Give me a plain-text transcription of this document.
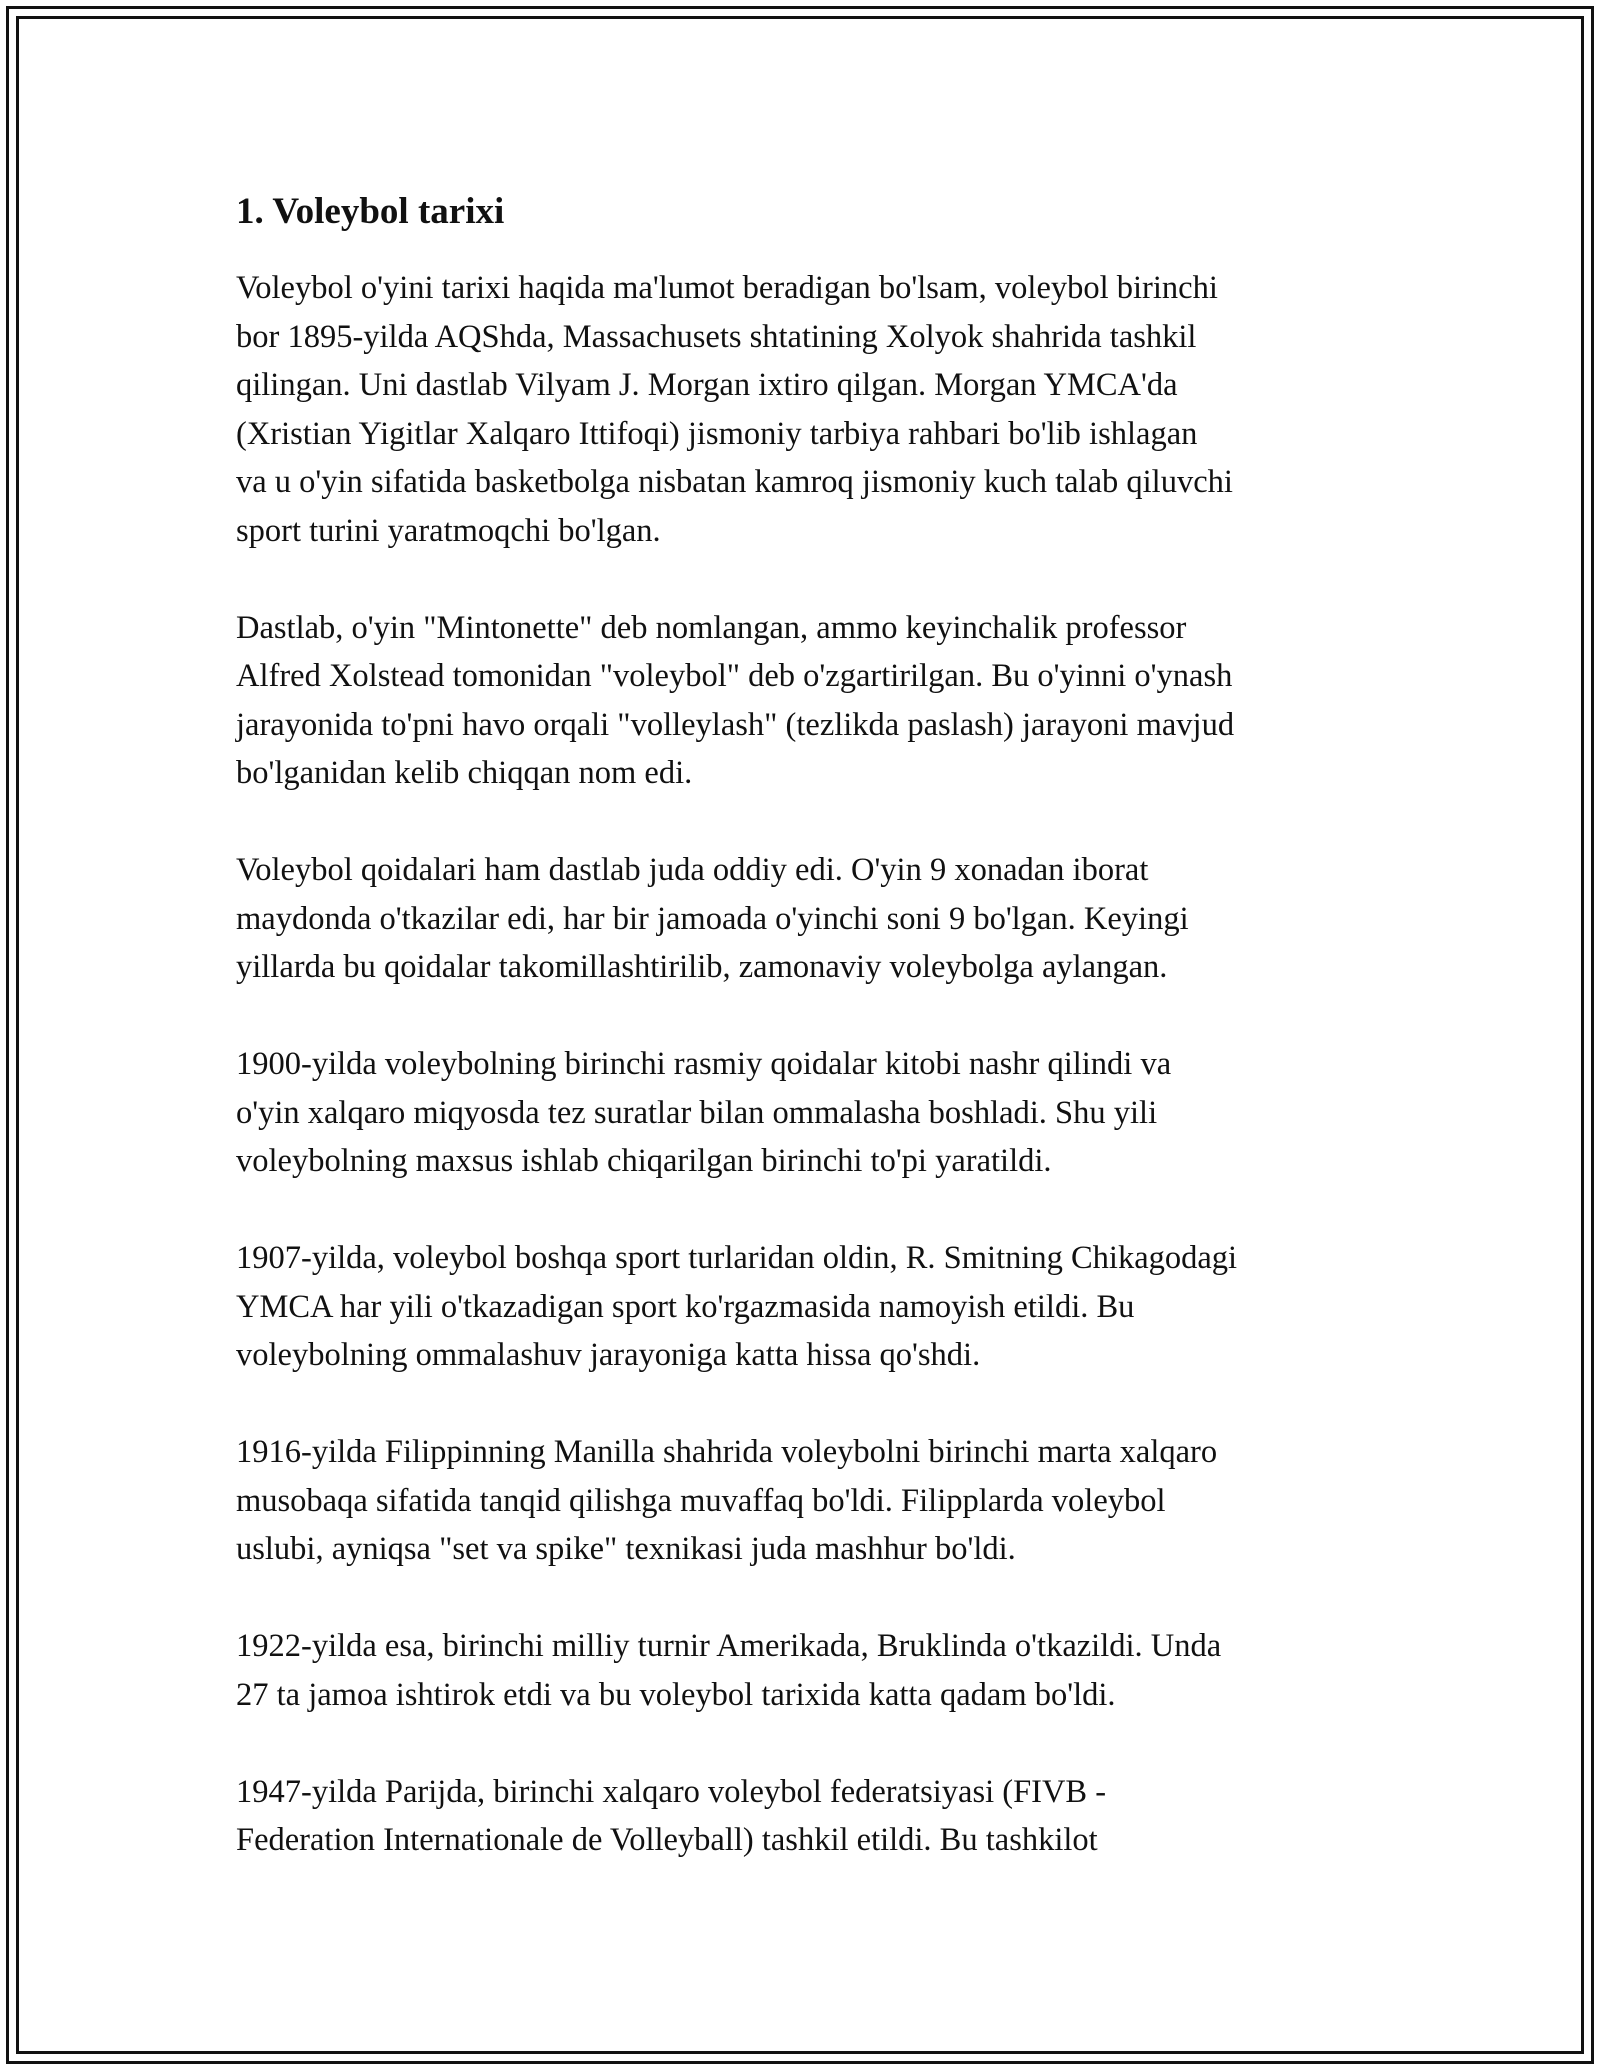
1. Voleybol tarixi

Voleybol o'yini tarixi haqida ma'lumot beradigan bo'lsam, voleybol birinchi
bor 1895-yilda AQShda, Massachusets shtatining Xolyok shahrida tashkil
qilingan. Uni dastlab Vilyam J. Morgan ixtiro qilgan. Morgan YMCA'da
(Xristian Yigitlar Xalqaro Ittifoqi) jismoniy tarbiya rahbari bo'lib ishlagan
va u o'yin sifatida basketbolga nisbatan kamroq jismoniy kuch talab qiluvchi
sport turini yaratmoqchi bo'lgan.

Dastlab, o'yin "Mintonette" deb nomlangan, ammo keyinchalik professor
Alfred Xolstead tomonidan "voleybol" deb o'zgartirilgan. Bu o'yinni o'ynash
jarayonida to'pni havo orqali "volleylash" (tezlikda paslash) jarayoni mavjud
bo'lganidan kelib chiqqan nom edi.

Voleybol qoidalari ham dastlab juda oddiy edi. O'yin 9 xonadan iborat
maydonda o'tkazilar edi, har bir jamoada o'yinchi soni 9 bo'lgan. Keyingi
yillarda bu qoidalar takomillashtirilib, zamonaviy voleybolga aylangan.

1900-yilda voleybolning birinchi rasmiy qoidalar kitobi nashr qilindi va
o'yin xalqaro miqyosda tez suratlar bilan ommalasha boshladi. Shu yili
voleybolning maxsus ishlab chiqarilgan birinchi to'pi yaratildi.

1907-yilda, voleybol boshqa sport turlaridan oldin, R. Smitning Chikagodagi
YMCA har yili o'tkazadigan sport ko'rgazmasida namoyish etildi. Bu
voleybolning ommalashuv jarayoniga katta hissa qo'shdi.

1916-yilda Filippinning Manilla shahrida voleybolni birinchi marta xalqaro
musobaqa sifatida tanqid qilishga muvaffaq bo'ldi. Filipplarda voleybol
uslubi, ayniqsa "set va spike" texnikasi juda mashhur bo'ldi.

1922-yilda esa, birinchi milliy turnir Amerikada, Bruklinda o'tkazildi. Unda
27 ta jamoa ishtirok etdi va bu voleybol tarixida katta qadam bo'ldi.

1947-yilda Parijda, birinchi xalqaro voleybol federatsiyasi (FIVB -
Federation Internationale de Volleyball) tashkil etildi. Bu tashkilot
